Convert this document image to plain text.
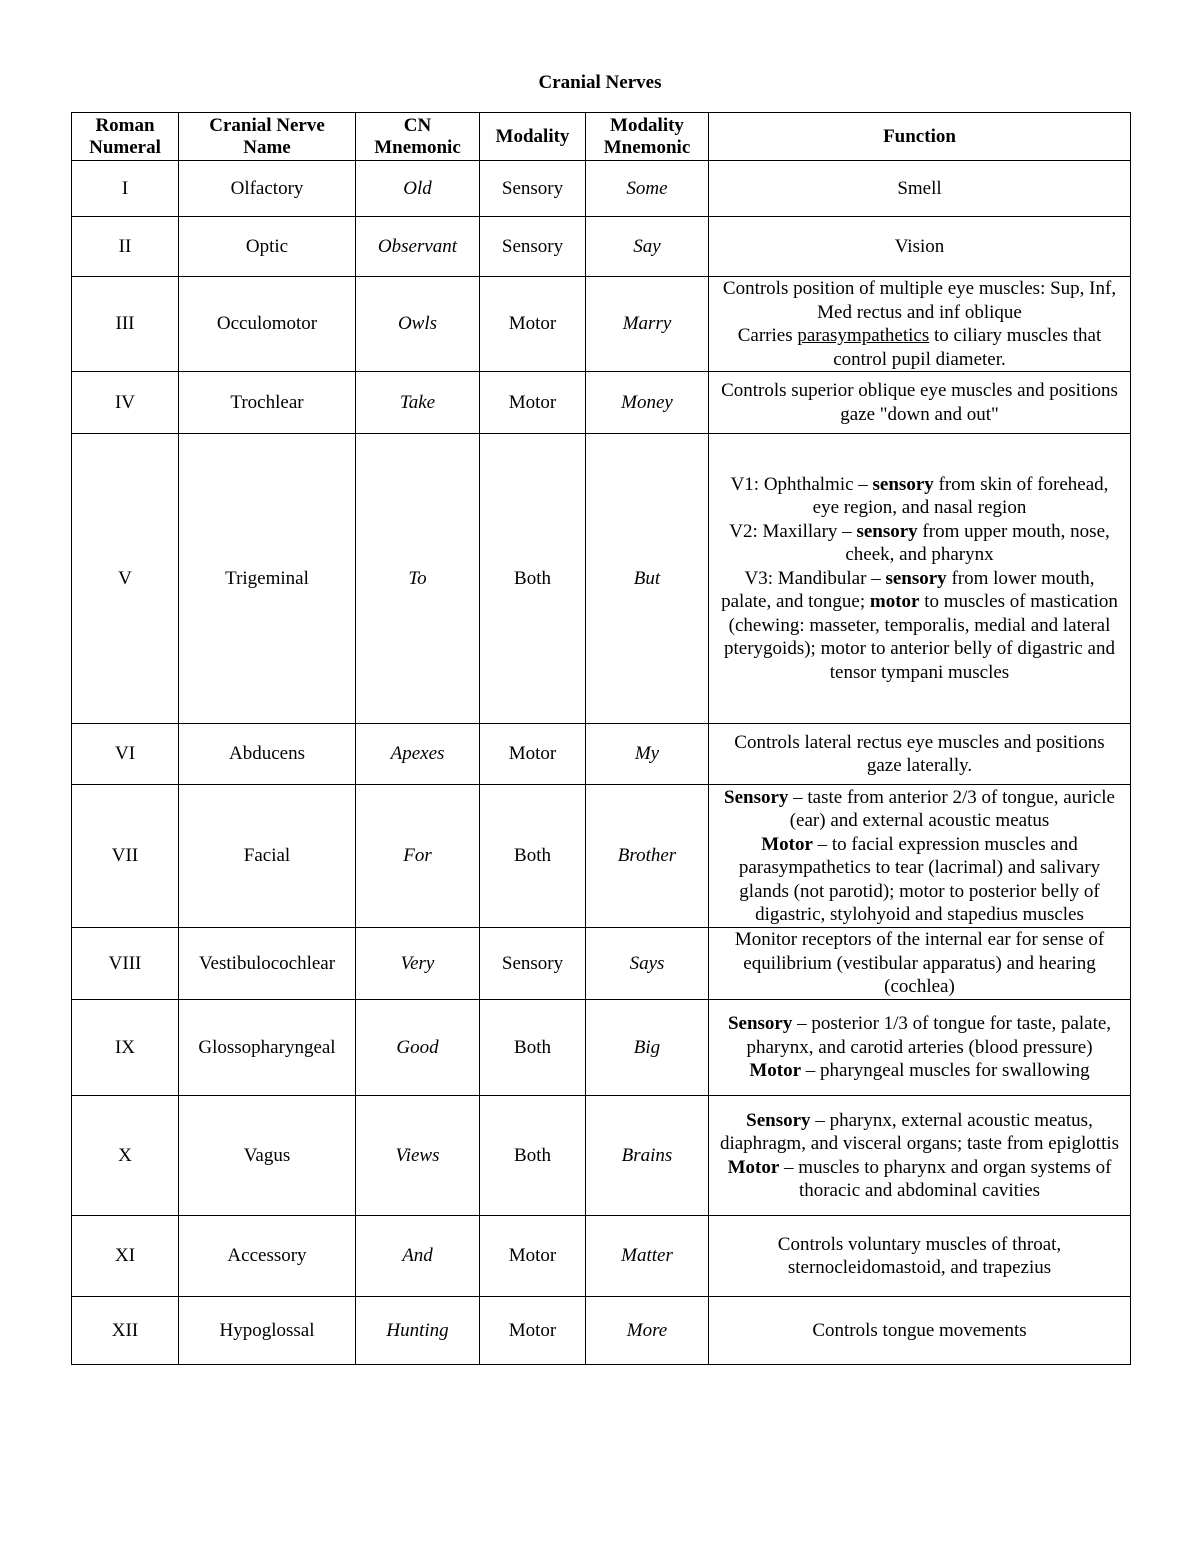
Cranial Nerves
Roman Numeral	Cranial Nerve Name	CN Mnemonic	Modality	Modality Mnemonic	Function
I	Olfactory	Old	Sensory	Some	Smell
II	Optic	Observant	Sensory	Say	Vision
III	Occulomotor	Owls	Motor	Marry	Controls position of multiple eye muscles: Sup, Inf, Med rectus and inf oblique
Carries parasympathetics to ciliary muscles that control pupil diameter.
IV	Trochlear	Take	Motor	Money	Controls superior oblique eye muscles and positions gaze "down and out"
V	Trigeminal	To	Both	But	V1: Ophthalmic – sensory from skin of forehead, eye region, and nasal region
V2: Maxillary – sensory from upper mouth, nose, cheek, and pharynx
V3: Mandibular – sensory from lower mouth, palate, and tongue; motor to muscles of mastication (chewing: masseter, temporalis, medial and lateral pterygoids); motor to anterior belly of digastric and tensor tympani muscles
VI	Abducens	Apexes	Motor	My	Controls lateral rectus eye muscles and positions gaze laterally.
VII	Facial	For	Both	Brother	Sensory – taste from anterior 2/3 of tongue, auricle (ear) and external acoustic meatus
Motor – to facial expression muscles and parasympathetics to tear (lacrimal) and salivary glands (not parotid); motor to posterior belly of digastric, stylohyoid and stapedius muscles
VIII	Vestibulocochlear	Very	Sensory	Says	Monitor receptors of the internal ear for sense of equilibrium (vestibular apparatus) and hearing (cochlea)
IX	Glossopharyngeal	Good	Both	Big	Sensory – posterior 1/3 of tongue for taste, palate, pharynx, and carotid arteries (blood pressure)
Motor – pharyngeal muscles for swallowing
X	Vagus	Views	Both	Brains	Sensory – pharynx, external acoustic meatus, diaphragm, and visceral organs; taste from epiglottis
Motor – muscles to pharynx and organ systems of thoracic and abdominal cavities
XI	Accessory	And	Motor	Matter	Controls voluntary muscles of throat, sternocleidomastoid, and trapezius
XII	Hypoglossal	Hunting	Motor	More	Controls tongue movements
